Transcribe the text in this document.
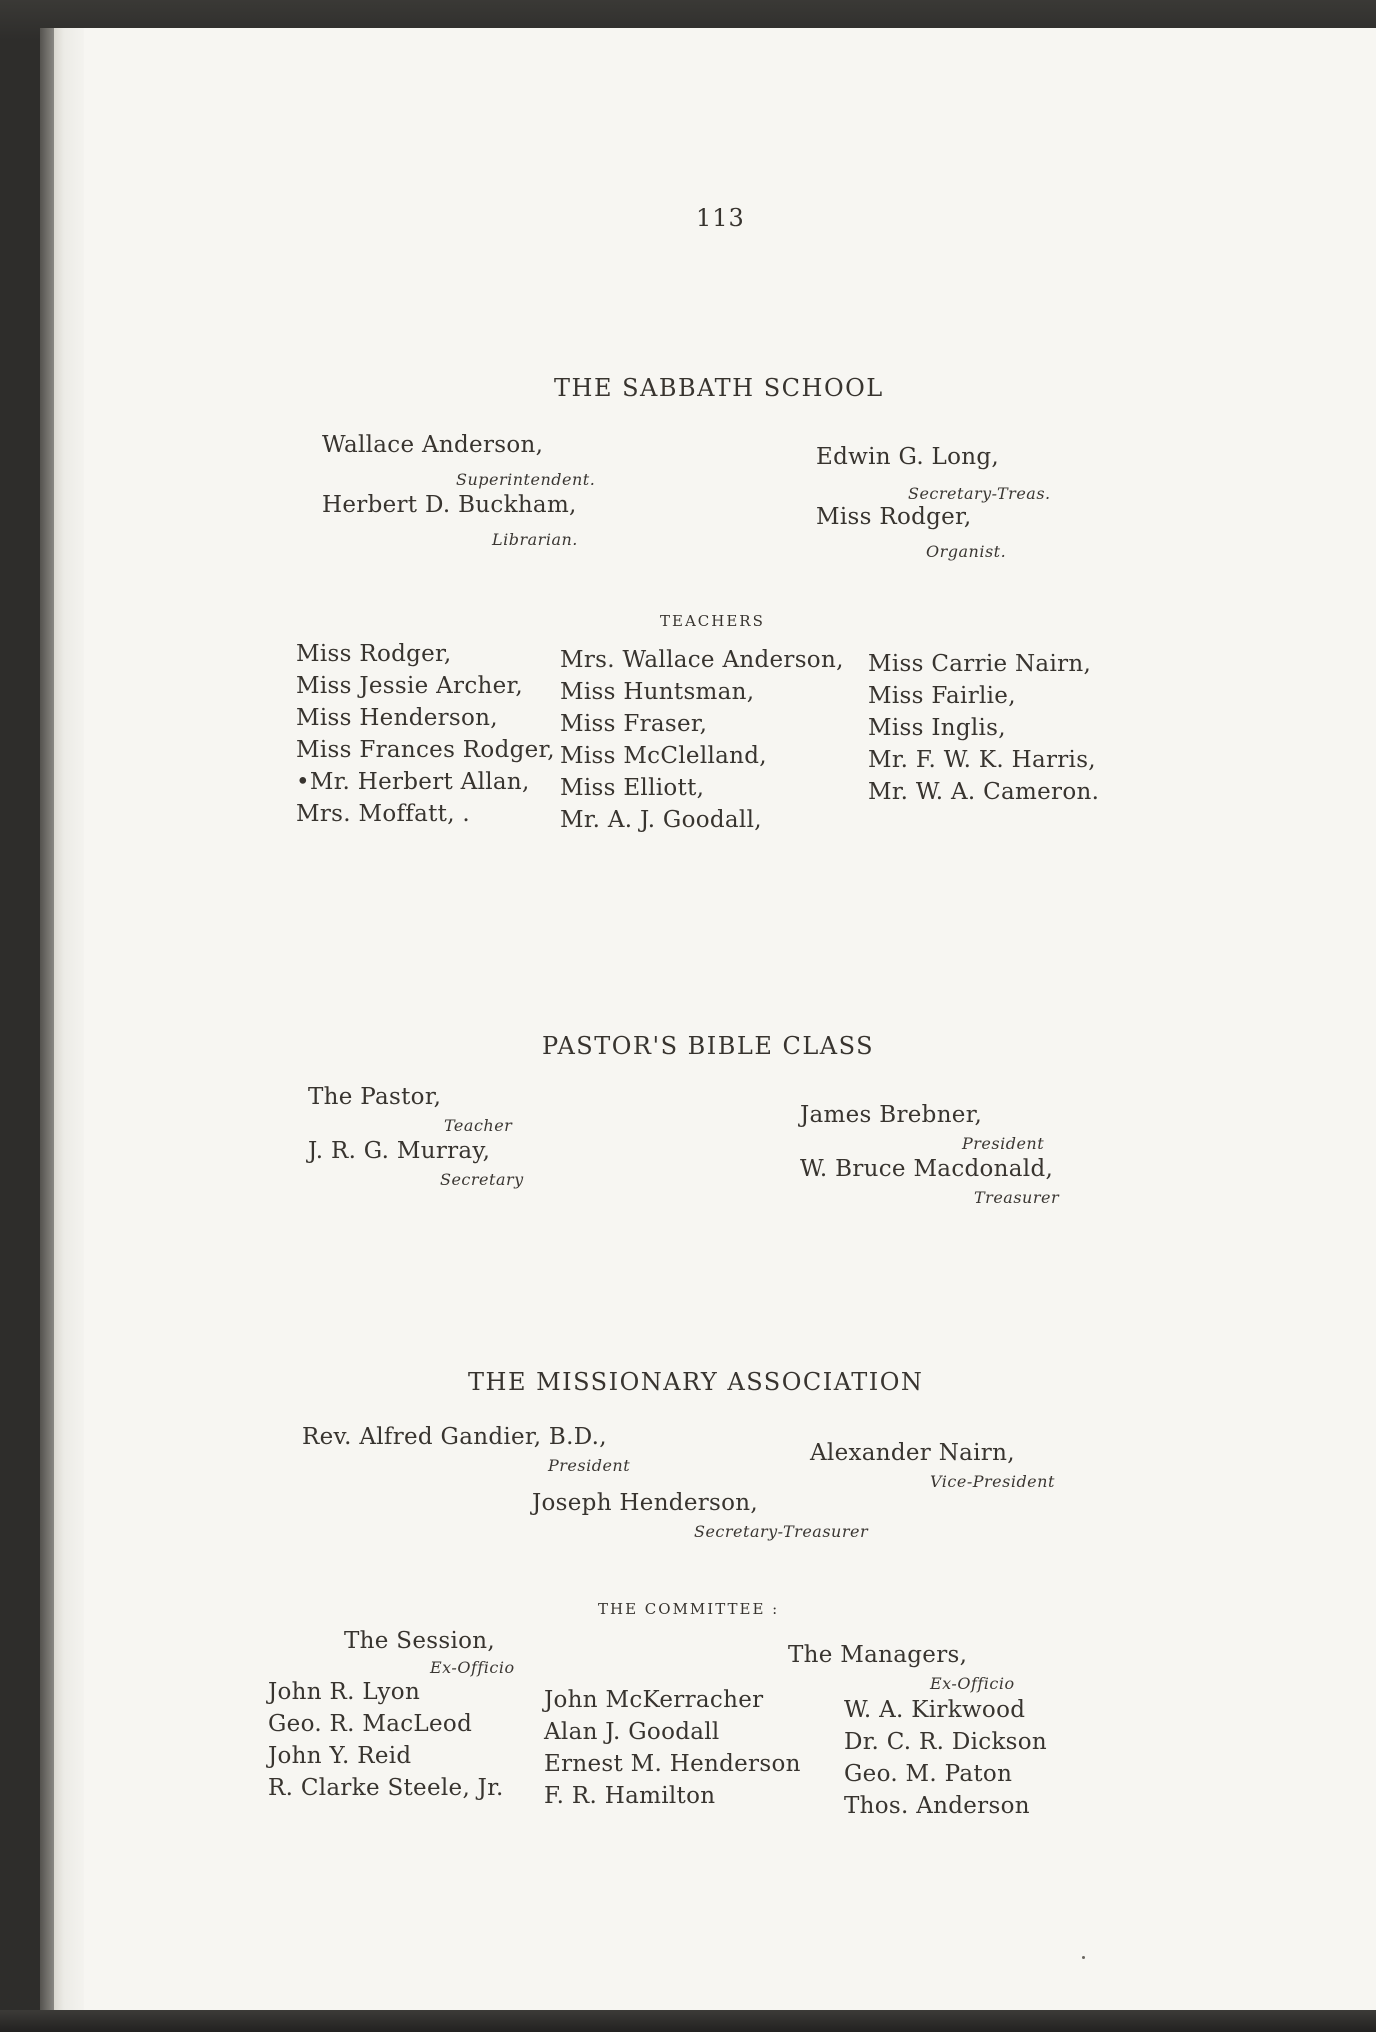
113
THE SABBATH SCHOOL
Wallace Anderson,
Superintendent.
Herbert D. Buckham,
Librarian.
Edwin G. Long,
Secretary-Treas.
Miss Rodger,
Organist.
TEACHERS
Miss Rodger,
Miss Jessie Archer,
Miss Henderson,
Miss Frances Rodger,
•Mr. Herbert Allan,
Mrs. Moffatt, .
Mrs. Wallace Anderson,
Miss Huntsman,
Miss Fraser,
Miss McClelland,
Miss Elliott,
Mr. A. J. Goodall,
Miss Carrie Nairn,
Miss Fairlie,
Miss Inglis,
Mr. F. W. K. Harris,
Mr. W. A. Cameron.
PASTOR'S BIBLE CLASS
The Pastor,
Teacher
J. R. G. Murray,
Secretary
James Brebner,
President
W. Bruce Macdonald,
Treasurer
THE MISSIONARY ASSOCIATION
Rev. Alfred Gandier, B.D.,
President	Alexander Nairn,
Vice-President
Joseph Henderson,
Secretary-Treasurer
THE COMMITTEE :
The Session,
Ex-Officio	The Managers,
Ex-Officio
John R. Lyon
Geo. R. MacLeod
John Y. Reid
R. Clarke Steele, Jr.
John McKerracher
Alan J. Goodall
Ernest M. Henderson
F. R. Hamilton
W. A. Kirkwood
Dr. C. R. Dickson
Geo. M. Paton
Thos. Anderson
